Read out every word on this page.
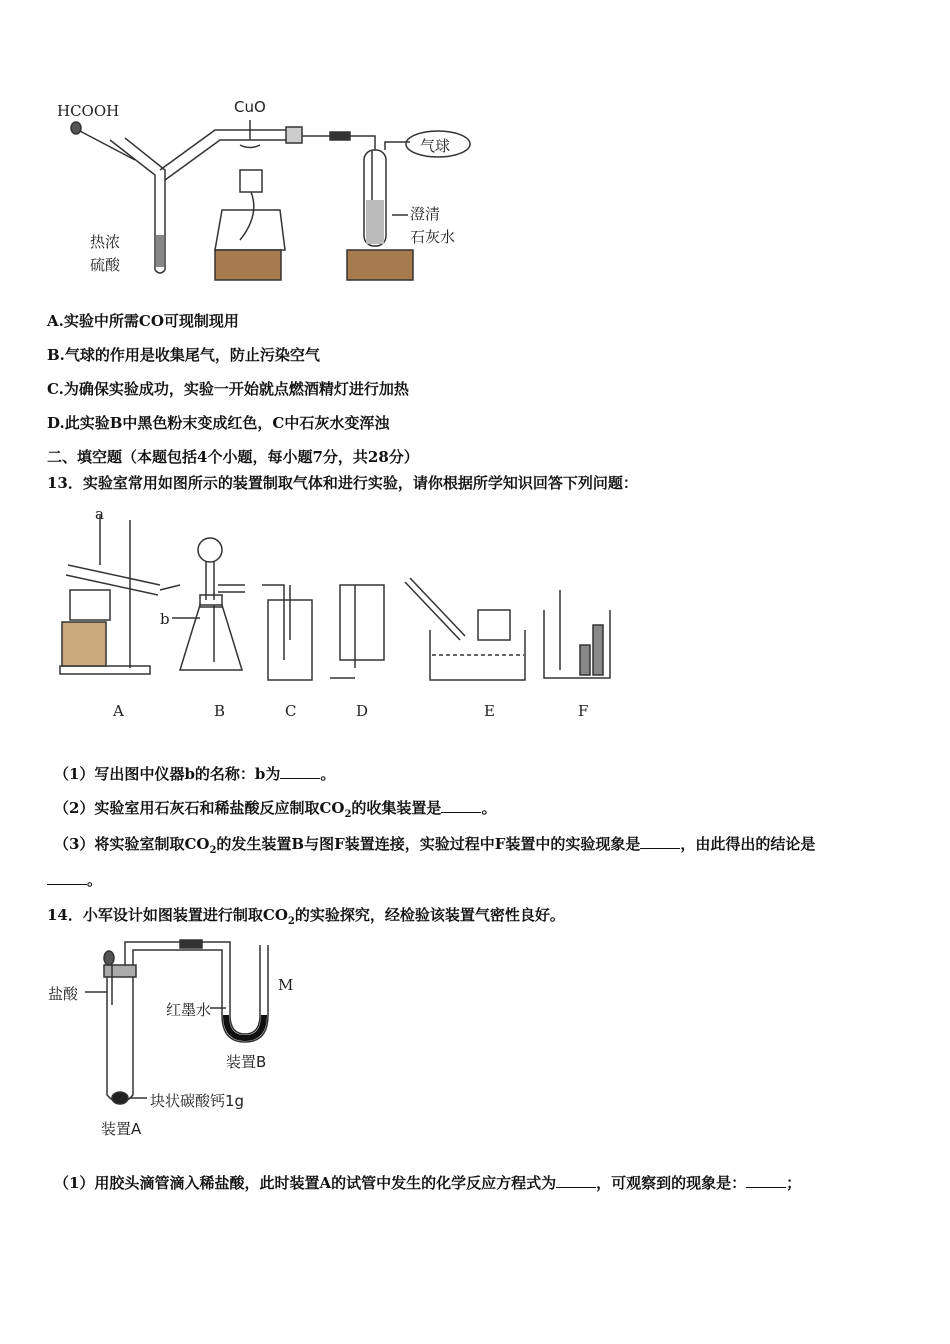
HCOOH	CuO
气球
热浓
硫酸
澄清
石灰水
A.实验中所需CO可现制现用
B.气球的作用是收集尾气，防止污染空气
C.为确保实验成功，实验一开始就点燃酒精灯进行加热
D.此实验B中黑色粉末变成红色，C中石灰水变浑浊
二、填空题（本题包括4个小题，每小题7分，共28分）
13．实验室常用如图所示的装置制取气体和进行实验，请你根据所学知识回答下列问题：
a
b
A	B	C	D	E	F
（1）写出图中仪器b的名称：b为	。
（2）实验室用石灰石和稀盐酸反应制取$CO_2$的收集装置是	。
（3）将实验室制取$CO_2$的发生装置B与图F装置连接，实验过程中F装置中的实验现象是	，由此得出的结论是
。
14．小军设计如图装置进行制取$CO_2$的实验探究，经检验该装置气密性良好。
盐酸
红墨水
M
装置B
块状碳酸钙1g
装置A
（1）用胶头滴管滴入稀盐酸，此时装置A的试管中发生的化学反应方程式为	，可观察到的现象是：	；
